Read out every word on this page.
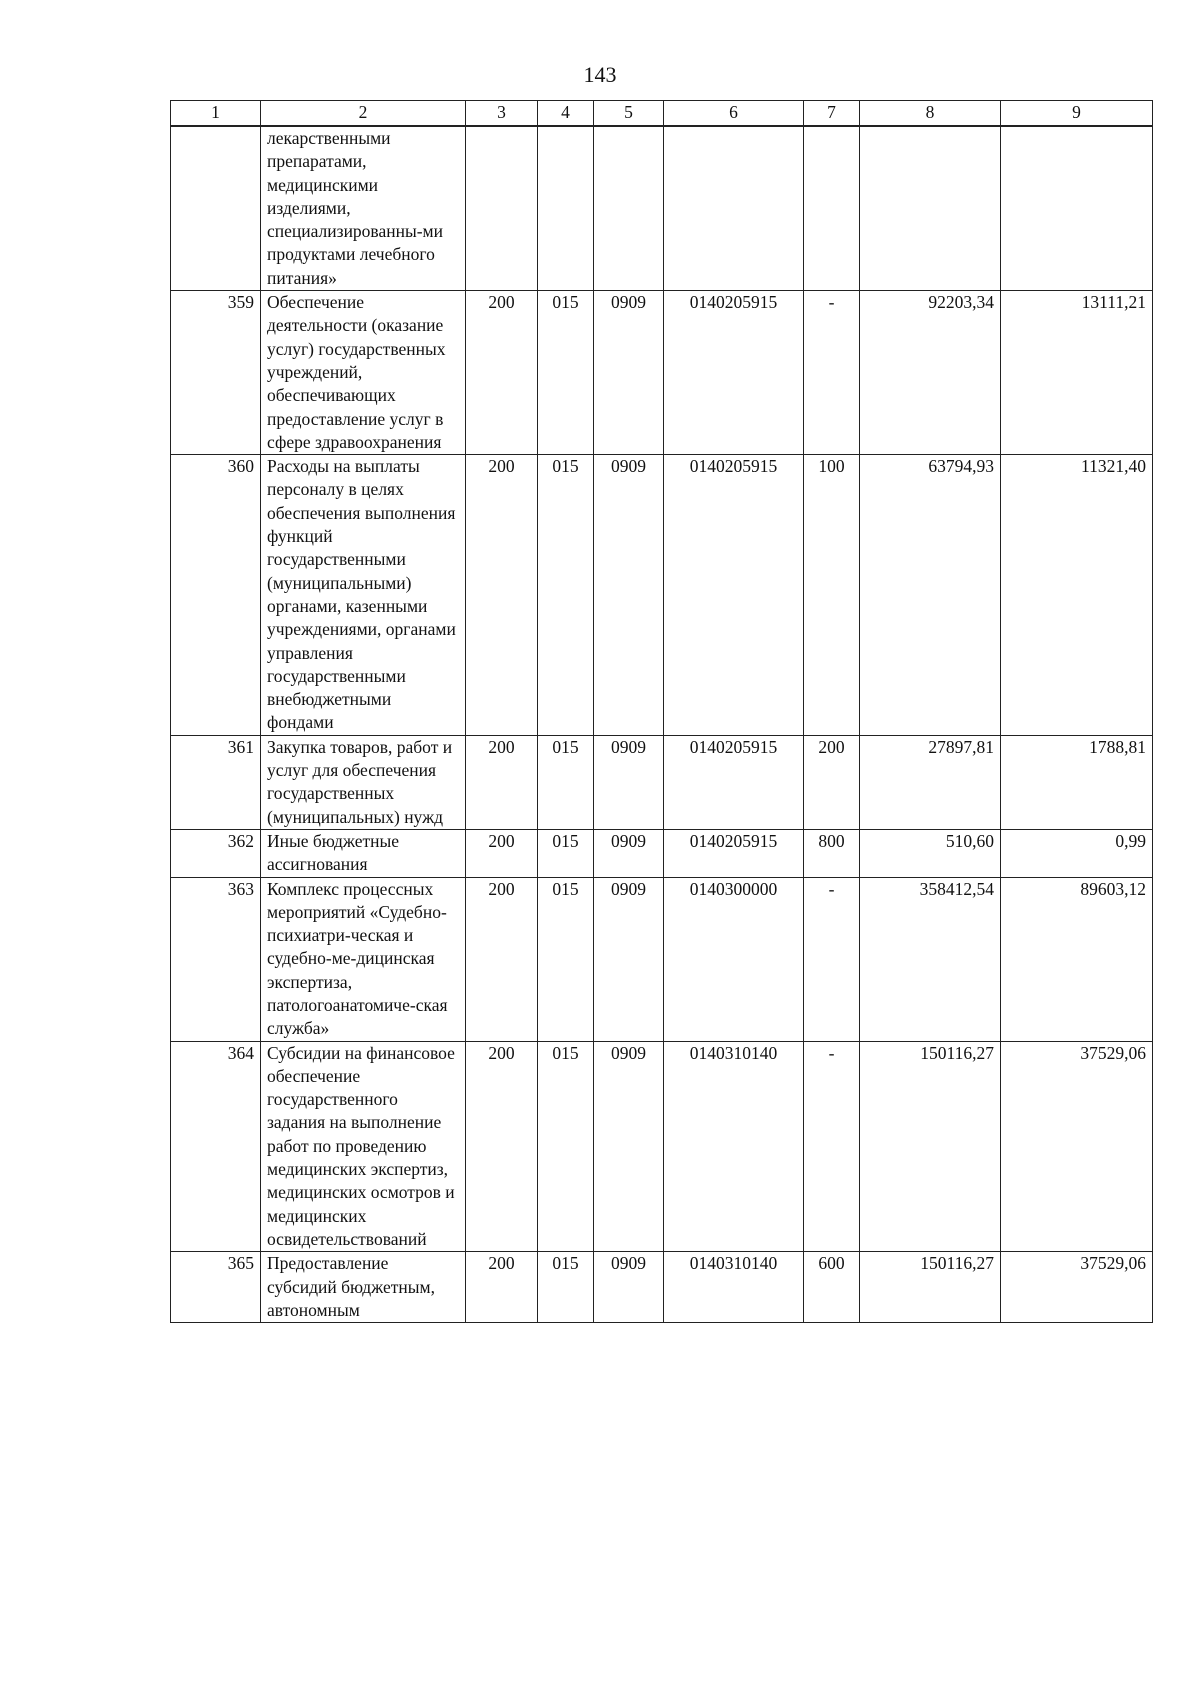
143
1	2	3	4	5	6	7	8	9
	лекарственными препаратами, медицинскими изделиями, специализированны-ми продуктами лечебного питания»							
359	Обеспечение деятельности (оказание услуг) государственных учреждений, обеспечивающих предоставление услуг в сфере здравоохранения	200	015	0909	0140205915	-	92203,34	13111,21
360	Расходы на выплаты персоналу в целях обеспечения выполнения функций государственными (муниципальными) органами, казенными учреждениями, органами управления государственными внебюджетными фондами	200	015	0909	0140205915	100	63794,93	11321,40
361	Закупка товаров, работ и услуг для обеспечения государственных (муниципальных) нужд	200	015	0909	0140205915	200	27897,81	1788,81
362	Иные бюджетные ассигнования	200	015	0909	0140205915	800	510,60	0,99
363	Комплекс процессных мероприятий «Судебно-психиатри-ческая и судебно-ме-дицинская экспертиза, патологоанатомиче-ская служба»	200	015	0909	0140300000	-	358412,54	89603,12
364	Субсидии на финансовое обеспечение государственного задания на выполнение работ по проведению медицинских экспертиз, медицинских осмотров и медицинских освидетельствований	200	015	0909	0140310140	-	150116,27	37529,06
365	Предоставление субсидий бюджетным, автономным	200	015	0909	0140310140	600	150116,27	37529,06
